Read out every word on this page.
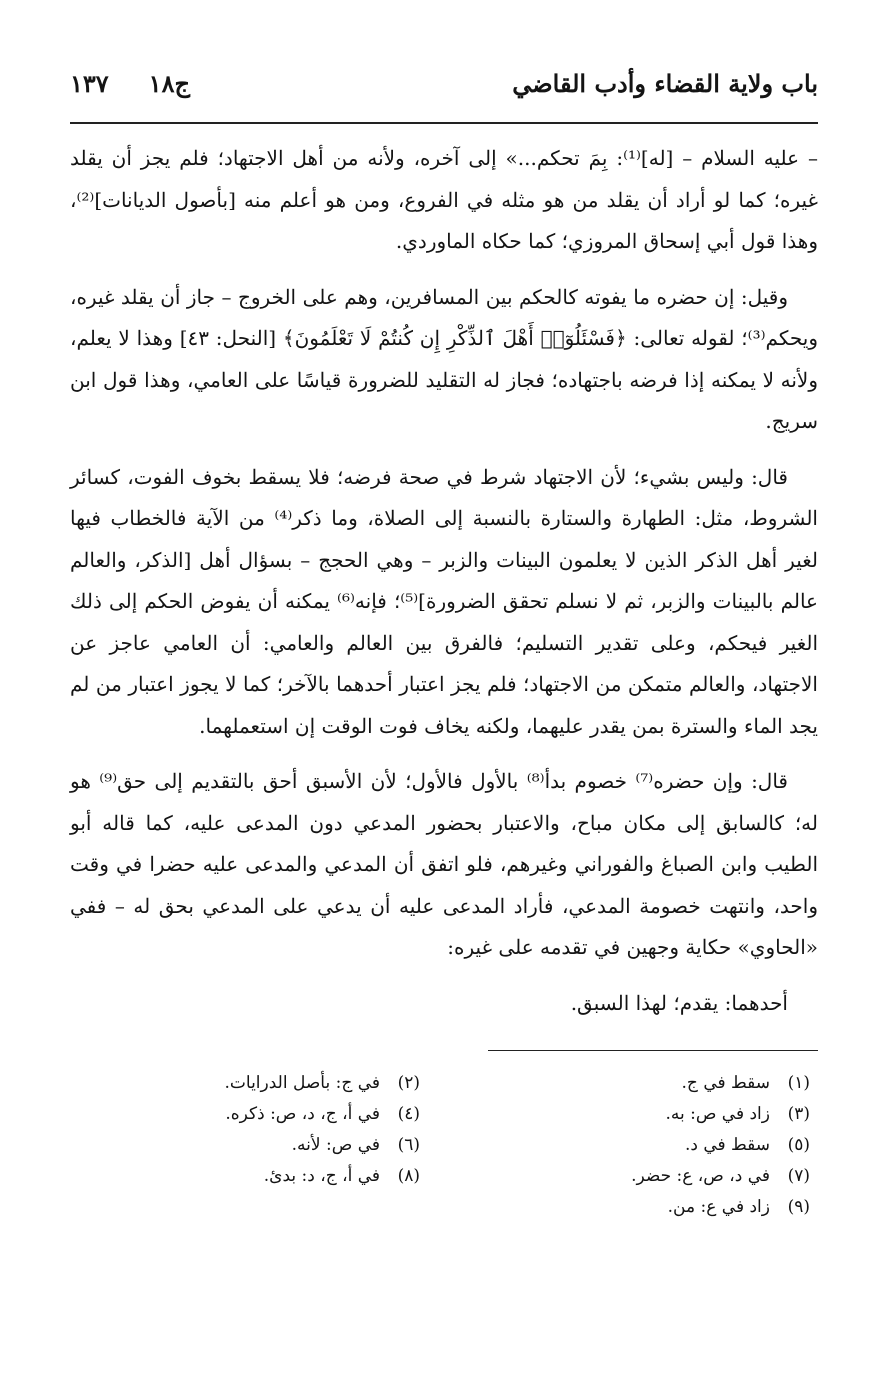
باب ولاية القضاء وأدب القاضي
ج١٨
١٣٧

– عليه السلام – [له]⁽¹⁾: بِمَ تحكم...» إلى آخره، ولأنه من أهل الاجتهاد؛ فلم يجز أن يقلد غيره؛ كما لو أراد أن يقلد من هو مثله في الفروع، ومن هو أعلم منه [بأصول الديانات]⁽²⁾، وهذا قول أبي إسحاق المروزي؛ كما حكاه الماوردي.

وقيل: إن حضره ما يفوته كالحكم بين المسافرين، وهم على الخروج – جاز أن يقلد غيره، ويحكم⁽³⁾؛ لقوله تعالى: ﴿فَسْئَلُوٓا۟ أَهْلَ ٱلذِّكْرِ إِن كُنتُمْ لَا تَعْلَمُونَ﴾ [النحل: ٤٣] وهذا لا يعلم، ولأنه لا يمكنه إذا فرضه باجتهاده؛ فجاز له التقليد للضرورة قياسًا على العامي، وهذا قول ابن سريج.

قال: وليس بشيء؛ لأن الاجتهاد شرط في صحة فرضه؛ فلا يسقط بخوف الفوت، كسائر الشروط، مثل: الطهارة والستارة بالنسبة إلى الصلاة، وما ذكر⁽⁴⁾ من الآية فالخطاب فيها لغير أهل الذكر الذين لا يعلمون البينات والزبر – وهي الحجج – بسؤال أهل [الذكر، والعالم عالم بالبينات والزبر، ثم لا نسلم تحقق الضرورة]⁽⁵⁾؛ فإنه⁽⁶⁾ يمكنه أن يفوض الحكم إلى ذلك الغير فيحكم، وعلى تقدير التسليم؛ فالفرق بين العالم والعامي: أن العامي عاجز عن الاجتهاد، والعالم متمكن من الاجتهاد؛ فلم يجز اعتبار أحدهما بالآخر؛ كما لا يجوز اعتبار من لم يجد الماء والسترة بمن يقدر عليهما، ولكنه يخاف فوت الوقت إن استعملهما.

قال: وإن حضره⁽⁷⁾ خصوم بدأ⁽⁸⁾ بالأول فالأول؛ لأن الأسبق أحق بالتقديم إلى حق⁽⁹⁾ هو له؛ كالسابق إلى مكان مباح، والاعتبار بحضور المدعي دون المدعى عليه، كما قاله أبو الطيب وابن الصباغ والفوراني وغيرهم، فلو اتفق أن المدعي والمدعى عليه حضرا في وقت واحد، وانتهت خصومة المدعي، فأراد المدعى عليه أن يدعي على المدعي بحق له – ففي «الحاوي» حكاية وجهين في تقدمه على غيره:

أحدهما: يقدم؛ لهذا السبق.

(١)سقط في ج.
(٢)في ج: بأصل الدرايات.
(٣)زاد في ص: به.
(٤)في أ، ج، د، ص: ذكره.
(٥)سقط في د.
(٦)في ص: لأنه.
(٧)في د، ص، ع: حضر.
(٨)في أ، ج، د: بدئ.
(٩)زاد في ع: من.
